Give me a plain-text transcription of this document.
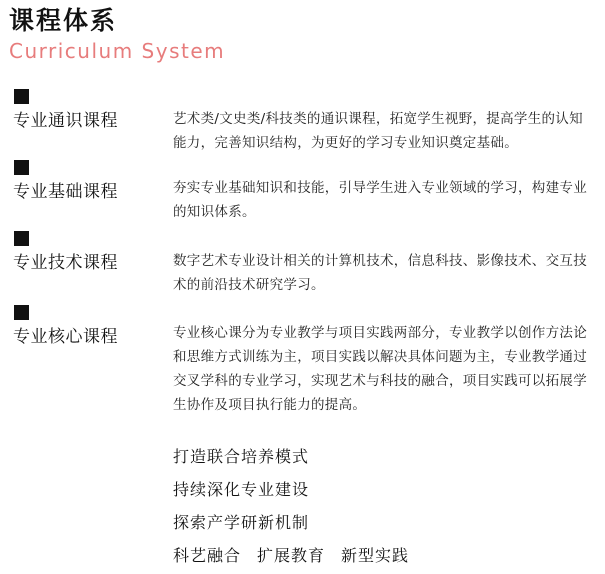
课程体系
Curriculum System
专业通识课程	艺术类/文史类/科技类的通识课程，拓宽学生视野，提高学生的认知能力，完善知识结构，为更好的学习专业知识奠定基础。
专业基础课程	夯实专业基础知识和技能，引导学生进入专业领域的学习，构建专业的知识体系。
专业技术课程	数字艺术专业设计相关的计算机技术，信息科技、影像技术、交互技术的前沿技术研究学习。
专业核心课程	专业核心课分为专业教学与项目实践两部分，专业教学以创作方法论和思维方式训练为主，项目实践以解决具体问题为主，专业教学通过交叉学科的专业学习，实现艺术与科技的融合，项目实践可以拓展学生协作及项目执行能力的提高。
打造联合培养模式
持续深化专业建设
探索产学研新机制
科艺融合 扩展教育 新型实践
